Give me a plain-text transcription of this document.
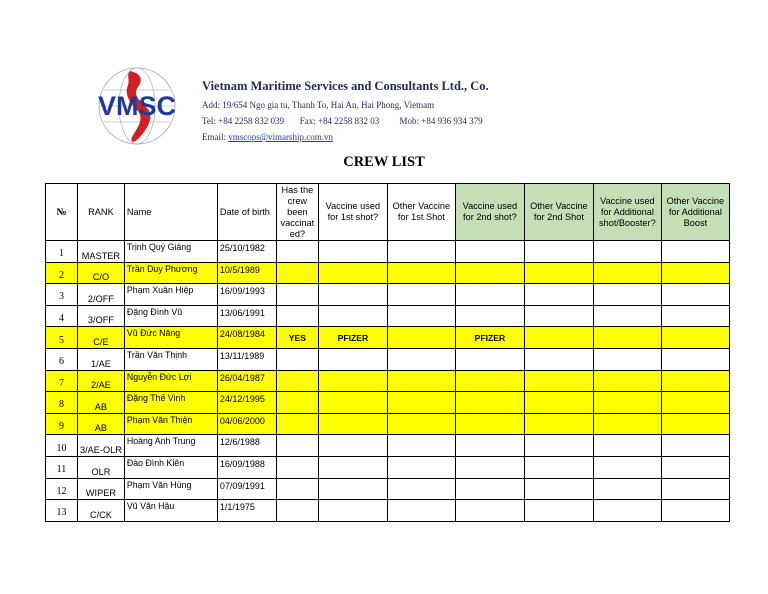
VMSC
Vietnam Maritime Services and Consultants Ltd., Co.
Add: 19/654 Ngo gia tu, Thanh To, Hai An, Hai Phong, Vietnam
Tel: +84 2258 832 039 Fax: +84 2258 832 03 Mob: +84 936 934 379
Email: vmscops@vimarship.com.vn
CREW LIST
№	RANK	Name	Date of birth	Has the crew been vaccinat ed?	Vaccine used for 1st shot?	Other Vaccine for 1st Shot	Vaccine used for 2nd shot?	Other Vaccine for 2nd Shot	Vaccine used for Additional shot/Booster?	Other Vaccine for Additional Boost
1	MASTER	Trịnh Quý Giảng	25/10/1982							
2	C/O	Trần Duy Phương	10/5/1989							
3	2/OFF	Phạm Xuân Hiệp	16/09/1993							
4	3/OFF	Đặng Đình Vũ	13/06/1991							
5	C/E	Vũ Đức Năng	24/08/1984	YES	PFIZER		PFIZER			
6	1/AE	Trần Văn Thịnh	13/11/1989							
7	2/AE	Nguyễn Đức Lợi	26/04/1987							
8	AB	Đặng Thế Vinh	24/12/1995							
9	AB	Phạm Văn Thiện	04/06/2000							
10	3/AE-OLR	Hoàng Anh Trung	12/6/1988							
11	OLR	Đào Đình Kiên	16/09/1988							
12	WIPER	Phạm Văn Hùng	07/09/1991							
13	C/CK	Vũ Văn Hậu	1/1/1975							
